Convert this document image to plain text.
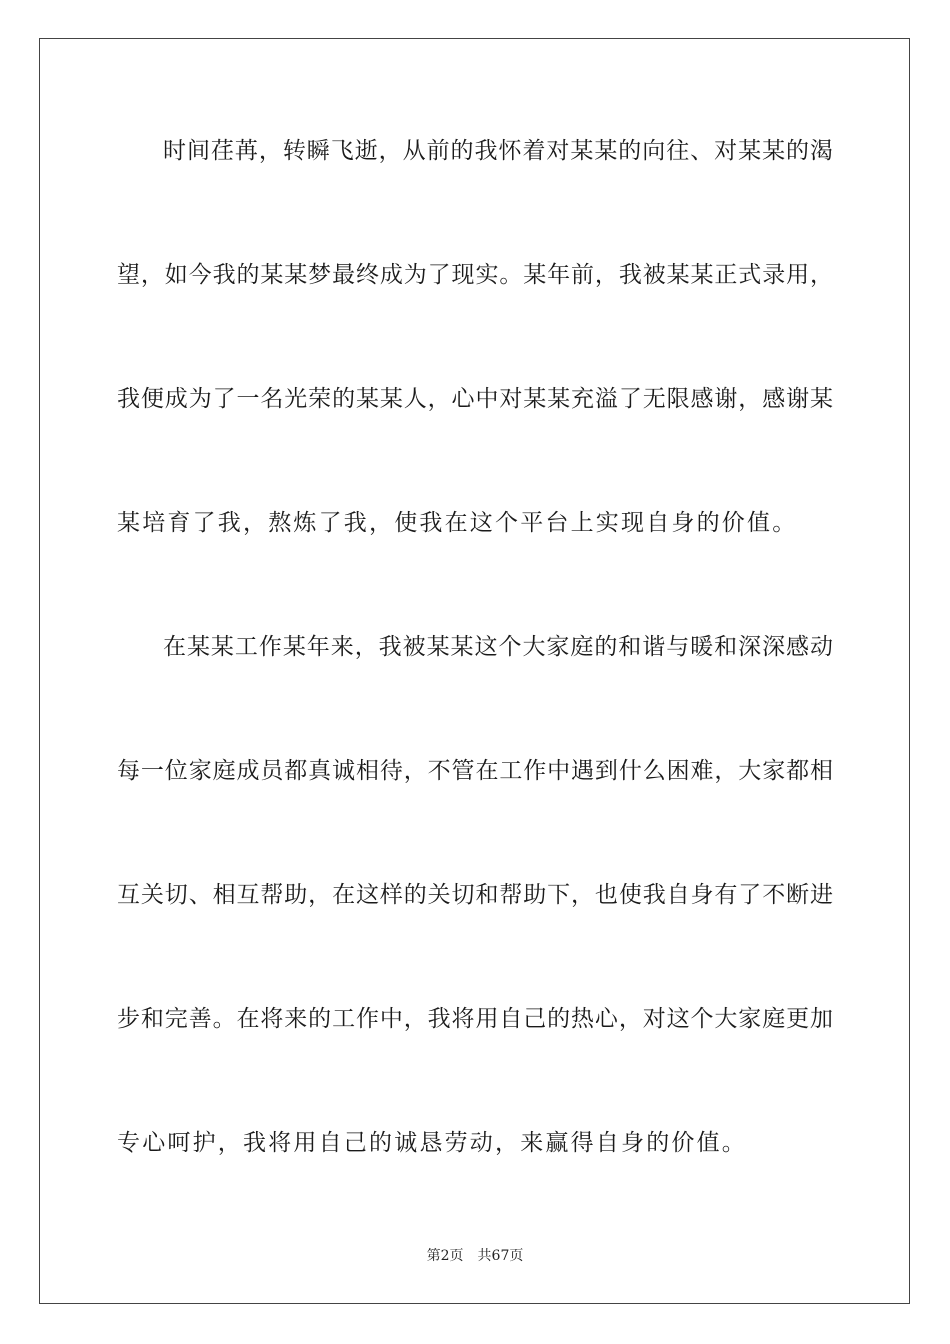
时间荏苒，转瞬飞逝，从前的我怀着对某某的向往、对某某的渴
望，如今我的某某梦最终成为了现实。某年前，我被某某正式录用，
我便成为了一名光荣的某某人，心中对某某充溢了无限感谢，感谢某
某培育了我，熬炼了我，使我在这个平台上实现自身的价值。
在某某工作某年来，我被某某这个大家庭的和谐与暖和深深感动
每一位家庭成员都真诚相待，不管在工作中遇到什么困难，大家都相
互关切、相互帮助，在这样的关切和帮助下，也使我自身有了不断进
步和完善。在将来的工作中，我将用自己的热心，对这个大家庭更加
专心呵护，我将用自己的诚恳劳动，来赢得自身的价值。
第2页 共67页
